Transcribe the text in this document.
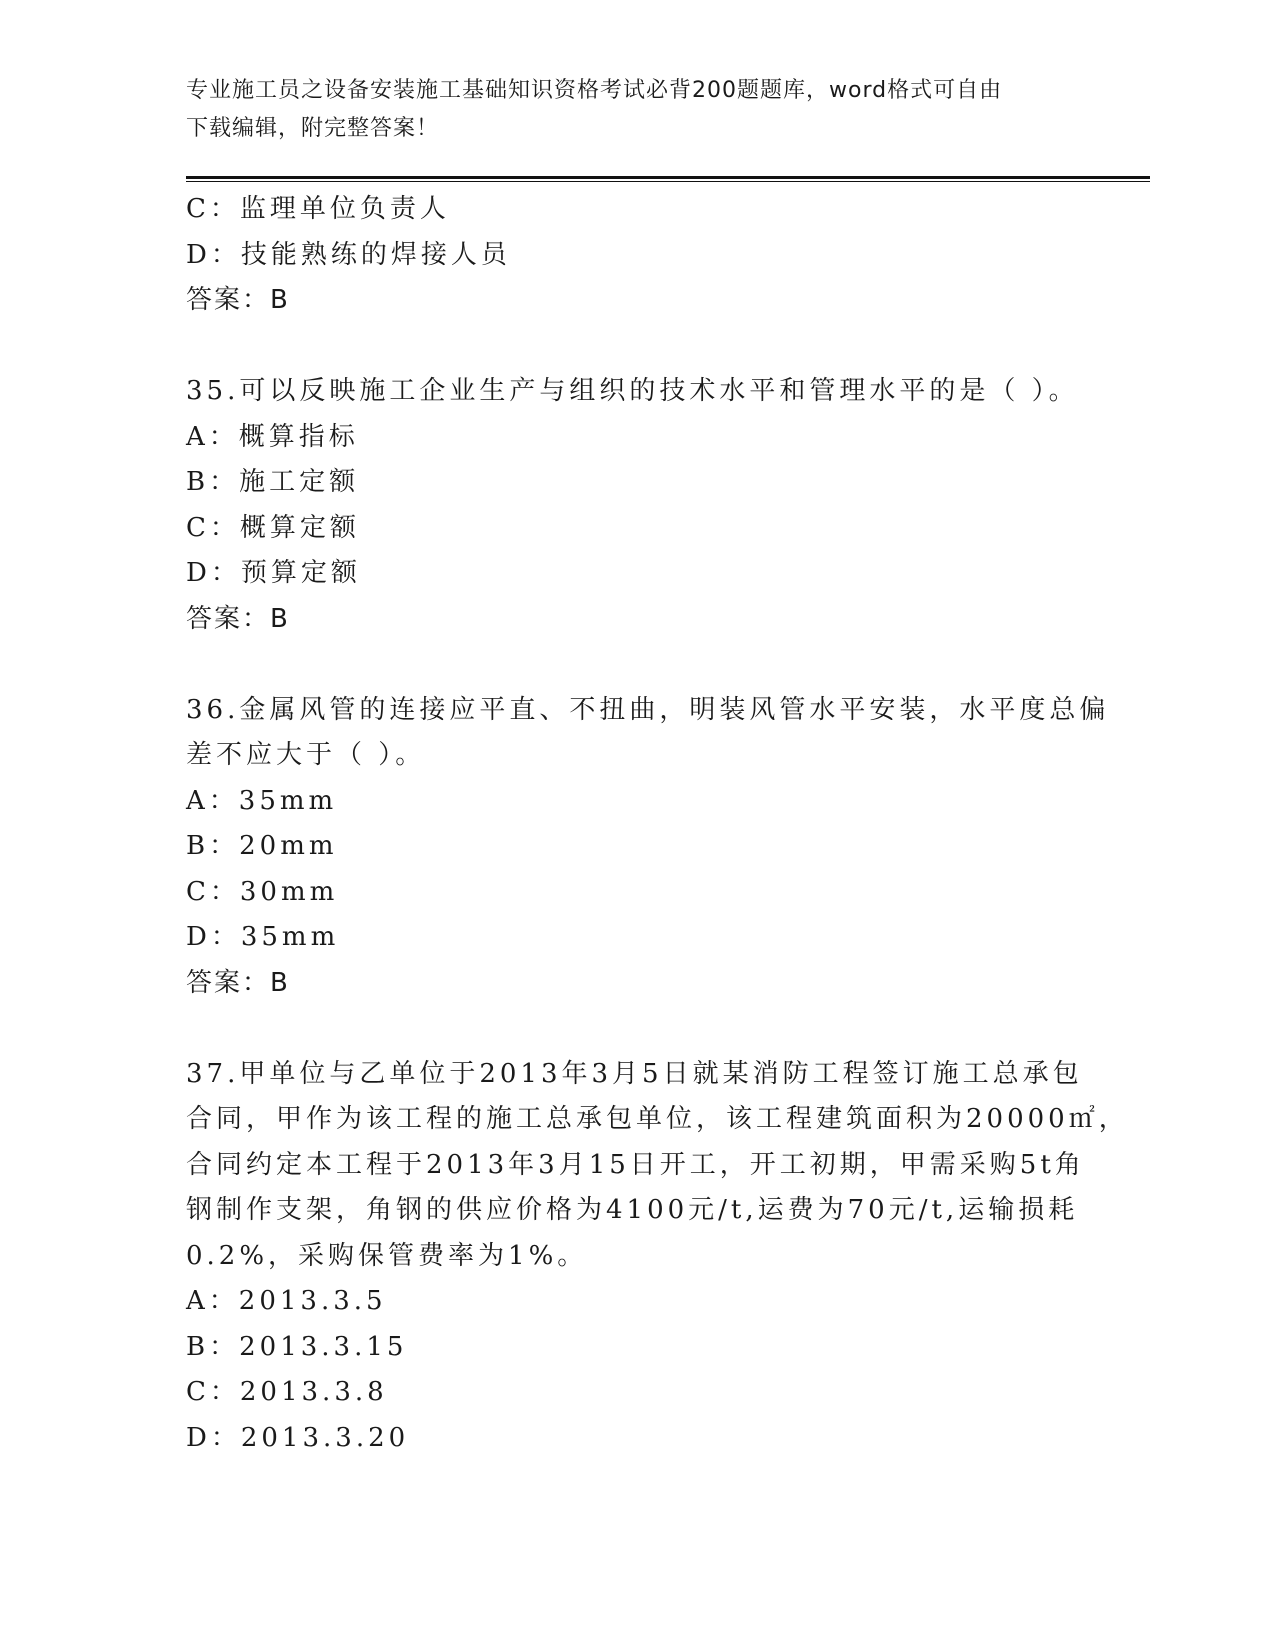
专业施工员之设备安装施工基础知识资格考试必背200题题库，word格式可自由
下载编辑，附完整答案！
C：监理单位负责人
D：技能熟练的焊接人员
答案：B
35.可以反映施工企业生产与组织的技术水平和管理水平的是（ ）。
A：概算指标
B：施工定额
C：概算定额
D：预算定额
答案：B
36.金属风管的连接应平直、不扭曲，明装风管水平安装，水平度总偏
差不应大于（ ）。
A：35mm
B：20mm
C：30mm
D：35mm
答案：B
37.甲单位与乙单位于2013年3月5日就某消防工程签订施工总承包
合同，甲作为该工程的施工总承包单位，该工程建筑面积为20000㎡，
合同约定本工程于2013年3月15日开工，开工初期，甲需采购5t角
钢制作支架，角钢的供应价格为4100元/t,运费为70元/t,运输损耗
0.2%，采购保管费率为1%。
A：2013.3.5
B：2013.3.15
C：2013.3.8
D：2013.3.20
